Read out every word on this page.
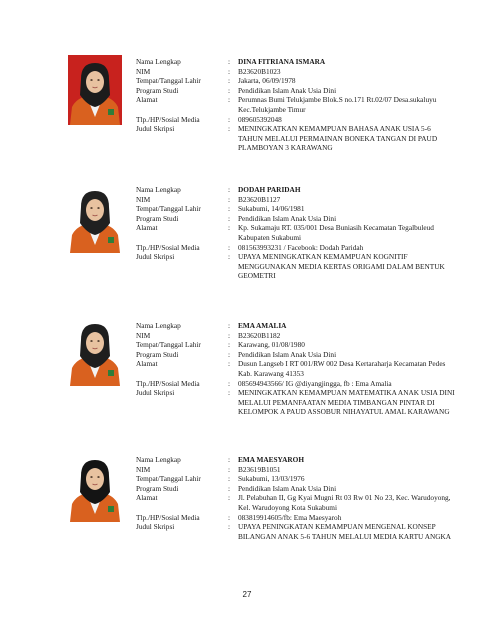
Nama Lengkap	:	DINA FITRIANA ISMARA
NIM	:	B23620B1023
Tempat/Tanggal Lahir	:	Jakarta, 06/09/1978
Program Studi	:	Pendidikan Islam Anak Usia Dini
Alamat	:	Perumnas Bumi Telukjambe Blok.S no.171 Rt.02/07 Desa.sukaluyu Kec.Telukjambe Timur
Tlp./HP/Sosial Media	:	089605392048
Judul Skripsi	:	MENINGKATKAN KEMAMPUAN BAHASA ANAK USIA 5-6 TAHUN MELALUI PERMAINAN BONEKA TANGAN DI PAUD PLAMBOYAN 3 KARAWANG
Nama Lengkap	:	DODAH PARIDAH
NIM	:	B23620B1127
Tempat/Tanggal Lahir	:	Sukabumi, 14/06/1981
Program Studi	:	Pendidikan Islam Anak Usia Dini
Alamat	:	Kp. Sukamaju RT. 035/001 Desa Buniasih Kecamatan Tegalbuleud Kabupaten Sukabumi
Tlp./HP/Sosial Media	:	081563993231 / Facebook: Dodah Paridah
Judul Skripsi	:	UPAYA MENINGKATKAN KEMAMPUAN KOGNITIF MENGGUNAKAN MEDIA KERTAS ORIGAMI DALAM BENTUK GEOMETRI
Nama Lengkap	:	EMA AMALIA
NIM	:	B23620B1182
Tempat/Tanggal Lahir	:	Karawang, 01/08/1980
Program Studi	:	Pendidikan Islam Anak Usia Dini
Alamat	:	Dusun Langseb I RT 001/RW 002 Desa Kertaraharja Kecamatan Pedes Kab. Karawang 41353
Tlp./HP/Sosial Media	:	085694943566/ IG @diyangjingga, fb : Ema Amalia
Judul Skripsi	:	MENINGKATKAN KEMAMPUAN MATEMATIKA ANAK USIA DINI MELALUI PEMANFAATAN MEDIA TIMBANGAN PINTAR DI KELOMPOK A PAUD ASSOBUR NIHAYATUL AMAL KARAWANG
Nama Lengkap	:	EMA MAESYAROH
NIM	:	B23619B1051
Tempat/Tanggal Lahir	:	Sukabumi, 13/03/1976
Program Studi	:	Pendidikan Islam Anak Usia Dini
Alamat	:	Jl. Pelabuhan II, Gg Kyai Mugni Rt 03 Rw 01 No 23, Kec. Warudoyong, Kel. Warudoyong Kota Sukabumi
Tlp./HP/Sosial Media	:	083819914605/fb: Ema Maesyaroh
Judul Skripsi	:	UPAYA PENINGKATAN KEMAMPUAN MENGENAL KONSEP BILANGAN ANAK 5-6 TAHUN MELALUI MEDIA KARTU ANGKA
27
